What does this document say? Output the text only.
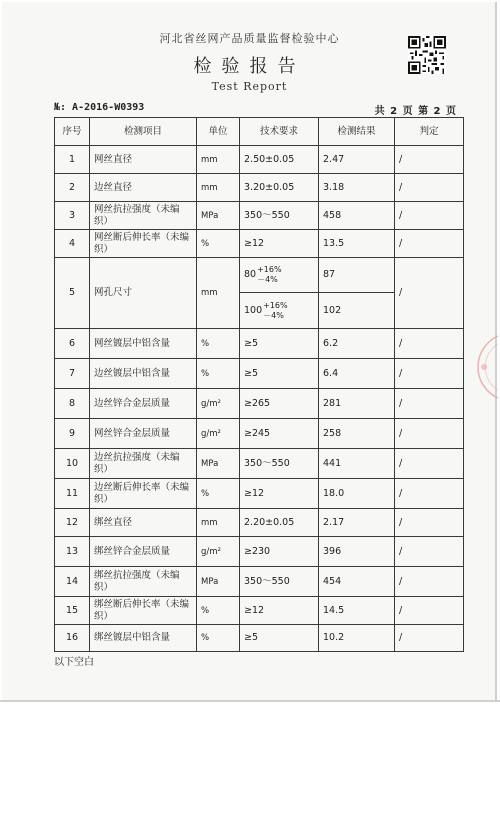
河北省丝网产品质量监督检验中心
检验报告
Test Report
№: A-2016-W0393	共 2 页 第 2 页
序号	检测项目	单位	技术要求	检测结果	判定
1	网丝直径	mm	2.50±0.05	2.47	/
2	边丝直径	mm	3.20±0.05	3.18	/
3	网丝抗拉强度（未编织）	MPa	350～550	458	/
4	网丝断后伸长率（未编织）	%	≥12	13.5	/
5	网孔尺寸	mm	80 +16%
－4%	87	/

			100 +16%
－4%	102	
6	网丝镀层中铝含量	%	≥5	6.2	/
7	边丝镀层中铝含量	%	≥5	6.4	/
8	边丝锌合金层质量	g/m²	≥265	281	/
9	网丝锌合金层质量	g/m²	≥245	258	/
10	边丝抗拉强度（未编织）	MPa	350～550	441	/
11	边丝断后伸长率（未编织）	%	≥12	18.0	/
12	绑丝直径	mm	2.20±0.05	2.17	/
13	绑丝锌合金层质量	g/m²	≥230	396	/
14	绑丝抗拉强度（未编织）	MPa	350～550	454	/
15	绑丝断后伸长率（未编织）	%	≥12	14.5	/
16	绑丝镀层中铝含量	%	≥5	10.2	/
以下空白
